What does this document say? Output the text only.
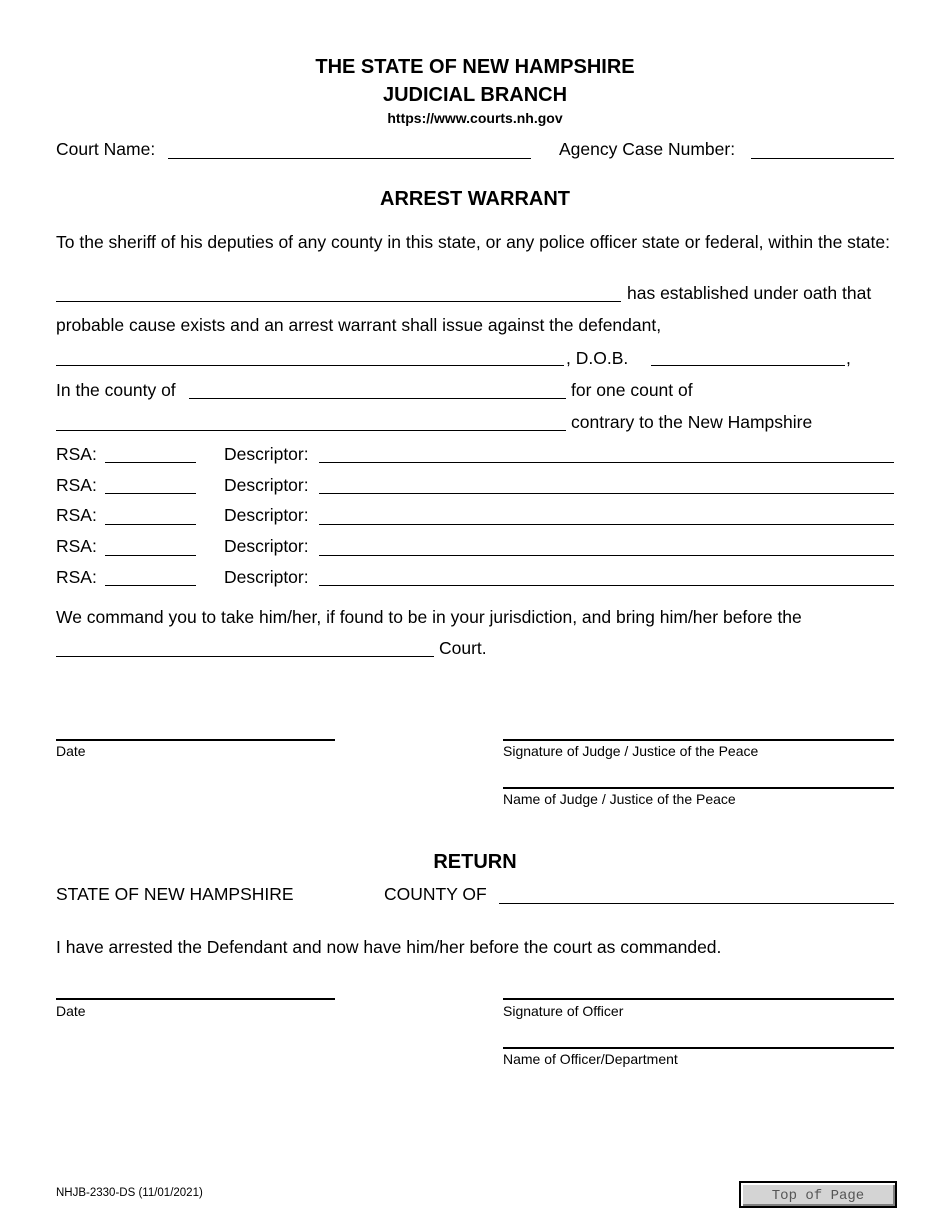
THE STATE OF NEW HAMPSHIRE
JUDICIAL BRANCH
https://www.courts.nh.gov
Court Name:	Agency Case Number:
ARREST WARRANT
To the sheriff of his deputies of any county in this state, or any police officer state or federal, within the state:
has established under oath that
probable cause exists and an arrest warrant shall issue against the defendant,
, D.O.B.	,
In the county of	for one count of
contrary to the New Hampshire
RSA:	Descriptor:
RSA:	Descriptor:
RSA:	Descriptor:
RSA:	Descriptor:
RSA:	Descriptor:
We command you to take him/her, if found to be in your jurisdiction, and bring him/her before the
Court.
Date	Signature of Judge / Justice of the Peace
Name of Judge / Justice of the Peace
RETURN
STATE OF NEW HAMPSHIRE	COUNTY OF
I have arrested the Defendant and now have him/her before the court as commanded.
Date	Signature of Officer
Name of Officer/Department
NHJB-2330-DS (11/01/2021)	Top of Page
